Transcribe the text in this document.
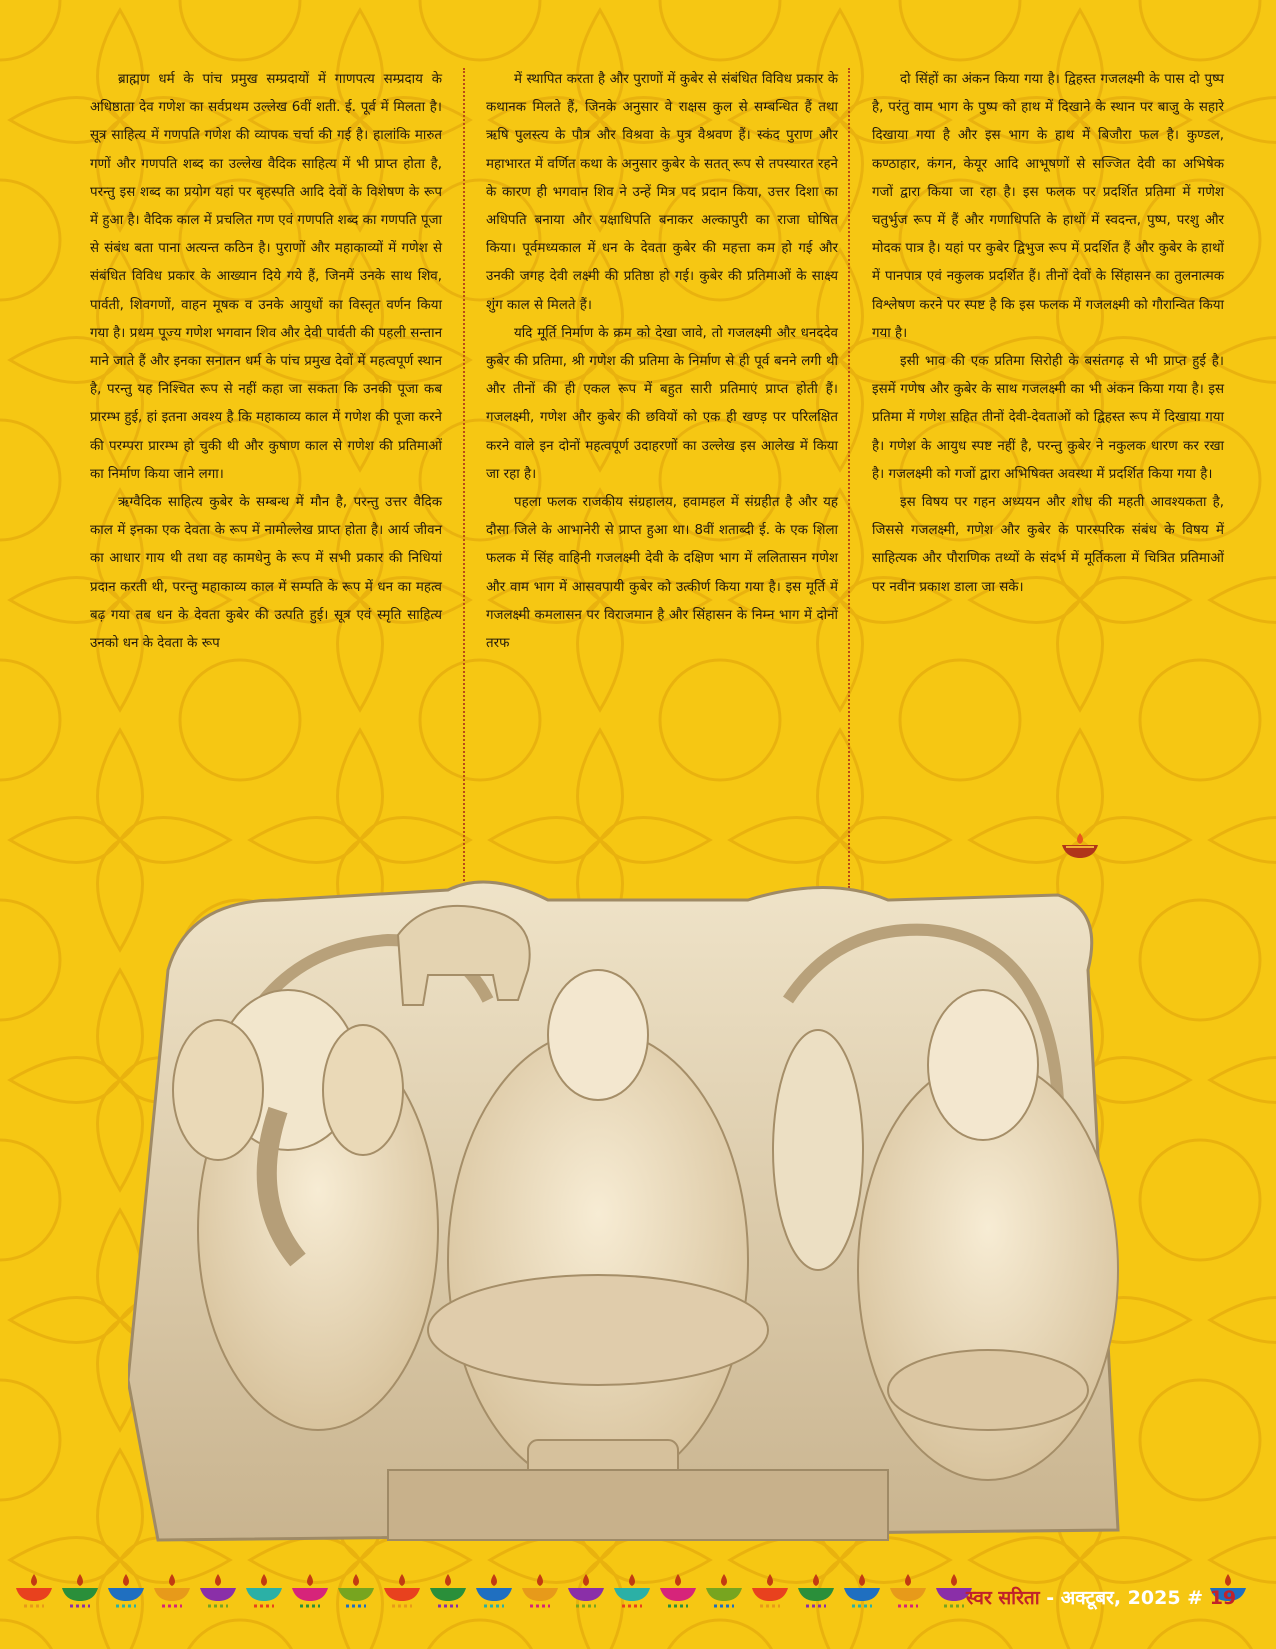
ब्राह्मण धर्म के पांच प्रमुख सम्प्रदायों में गाणपत्य सम्प्रदाय के अधिष्ठाता देव गणेश का सर्वप्रथम उल्लेख 6वीं शती. ई. पूर्व में मिलता है। सूत्र साहित्य में गणपति गणेश की व्यापक चर्चा की गई है। हालांकि मारुत गणों और गणपति शब्द का उल्लेख वैदिक साहित्य में भी प्राप्त होता है, परन्तु इस शब्द का प्रयोग यहां पर बृहस्पति आदि देवों के विशेषण के रूप में हुआ है। वैदिक काल में प्रचलित गण एवं गणपति शब्द का गणपति पूजा से संबंध बता पाना अत्यन्त कठिन है। पुराणों और महाकाव्यों में गणेश से संबंधित विविध प्रकार के आख्यान दिये गये हैं, जिनमें उनके साथ शिव, पार्वती, शिवगणों, वाहन मूषक व उनके आयुधों का विस्तृत वर्णन किया गया है। प्रथम पूज्य गणेश भगवान शिव और देवी पार्वती की पहली सन्तान माने जाते हैं और इनका सनातन धर्म के पांच प्रमुख देवों में महत्वपूर्ण स्थान है, परन्तु यह निश्चित रूप से नहीं कहा जा सकता कि उनकी पूजा कब प्रारम्भ हुई, हां इतना अवश्य है कि महाकाव्य काल में गणेश की पूजा करने की परम्परा प्रारम्भ हो चुकी थी और कुषाण काल से गणेश की प्रतिमाओं का निर्माण किया जाने लगा।

ऋग्वैदिक साहित्य कुबेर के सम्बन्ध में मौन है, परन्तु उत्तर वैदिक काल में इनका एक देवता के रूप में नामोल्लेख प्राप्त होता है। आर्य जीवन का आधार गाय थी तथा वह कामधेनु के रूप में सभी प्रकार की निधियां प्रदान करती थी, परन्तु महाकाव्य काल में सम्पति के रूप में धन का महत्व बढ़ गया तब धन के देवता कुबेर की उत्पति हुई। सूत्र एवं स्मृति साहित्य उनको धन के देवता के रूप

में स्थापित करता है और पुराणों में कुबेर से संबंधित विविध प्रकार के कथानक मिलते हैं, जिनके अनुसार वे राक्षस कुल से सम्बन्धित हैं तथा ऋषि पुलस्त्य के पौत्र और विश्रवा के पुत्र वैश्रवण हैं। स्कंद पुराण और महाभारत में वर्णित कथा के अनुसार कुबेर के सतत् रूप से तपस्यारत रहने के कारण ही भगवान शिव ने उन्हें मित्र पद प्रदान किया, उत्तर दिशा का अधिपति बनाया और यक्षाधिपति बनाकर अल्कापुरी का राजा घोषित किया। पूर्वमध्यकाल में धन के देवता कुबेर की महत्ता कम हो गई और उनकी जगह देवी लक्ष्मी की प्रतिष्ठा हो गई। कुबेर की प्रतिमाओं के साक्ष्य शुंग काल से मिलते हैं।

यदि मूर्ति निर्माण के क्रम को देखा जावे, तो गजलक्ष्मी और धनददेव कुबेर की प्रतिमा, श्री गणेश की प्रतिमा के निर्माण से ही पूर्व बनने लगी थी और तीनों की ही एकल रूप में बहुत सारी प्रतिमाएं प्राप्त होती हैं। गजलक्ष्मी, गणेश और कुबेर की छवियों को एक ही खण्ड़ पर परिलक्षित करने वाले इन दोनों महत्वपूर्ण उदाहरणों का उल्लेख इस आलेख में किया जा रहा है।

पहला फलक राजकीय संग्रहालय, हवामहल में संग्रहीत है और यह दौसा जिले के आभानेरी से प्राप्त हुआ था। 8वीं शताब्दी ई. के एक शिला फलक में सिंह वाहिनी गजलक्ष्मी देवी के दक्षिण भाग में ललितासन गणेश और वाम भाग में आसवपायी कुबेर को उत्कीर्ण किया गया है। इस मूर्ति में गजलक्ष्मी कमलासन पर विराजमान है और सिंहासन के निम्न भाग में दोनों तरफ

दो सिंहों का अंकन किया गया है। द्विहस्त गजलक्ष्मी के पास दो पुष्प है, परंतु वाम भाग के पुष्प को हाथ में दिखाने के स्थान पर बाजु के सहारे दिखाया गया है और इस भाग के हाथ में बिजौरा फल है। कुण्डल, कण्ठाहार, कंगन, केयूर आदि आभूषणों से सज्जित देवी का अभिषेक गजों द्वारा किया जा रहा है। इस फलक पर प्रदर्शित प्रतिमा में गणेश चतुर्भुज रूप में हैं और गणाधिपति के हाथों में स्वदन्त, पुष्प, परशु और मोदक पात्र है। यहां पर कुबेर द्विभुज रूप में प्रदर्शित हैं और कुबेर के हाथों में पानपात्र एवं नकुलक प्रदर्शित हैं। तीनों देवों के सिंहासन का तुलनात्मक विश्लेषण करने पर स्पष्ट है कि इस फलक में गजलक्ष्मी को गौरान्वित किया गया है।

इसी भाव की एक प्रतिमा सिरोही के बसंतगढ़ से भी प्राप्त हुई है। इसमें गणेष और कुबेर के साथ गजलक्ष्मी का भी अंकन किया गया है। इस प्रतिमा में गणेश सहित तीनों देवी-देवताओं को द्विहस्त रूप में दिखाया गया है। गणेश के आयुध स्पष्ट नहीं है, परन्तु कुबेर ने नकुलक धारण कर रखा है। गजलक्ष्मी को गजों द्वारा अभिषिक्त अवस्था में प्रदर्शित किया गया है।

इस विषय पर गहन अध्ययन और शोध की महती आवश्यकता है, जिससे गजलक्ष्मी, गणेश और कुबेर के पारस्परिक संबंध के विषय में साहित्यक और पौराणिक तथ्यों के संदर्भ में मूर्तिकला में चित्रित प्रतिमाओं पर नवीन प्रकाश डाला जा सके।

स्वर सरिता - अक्टूबर, 2025 # 19
